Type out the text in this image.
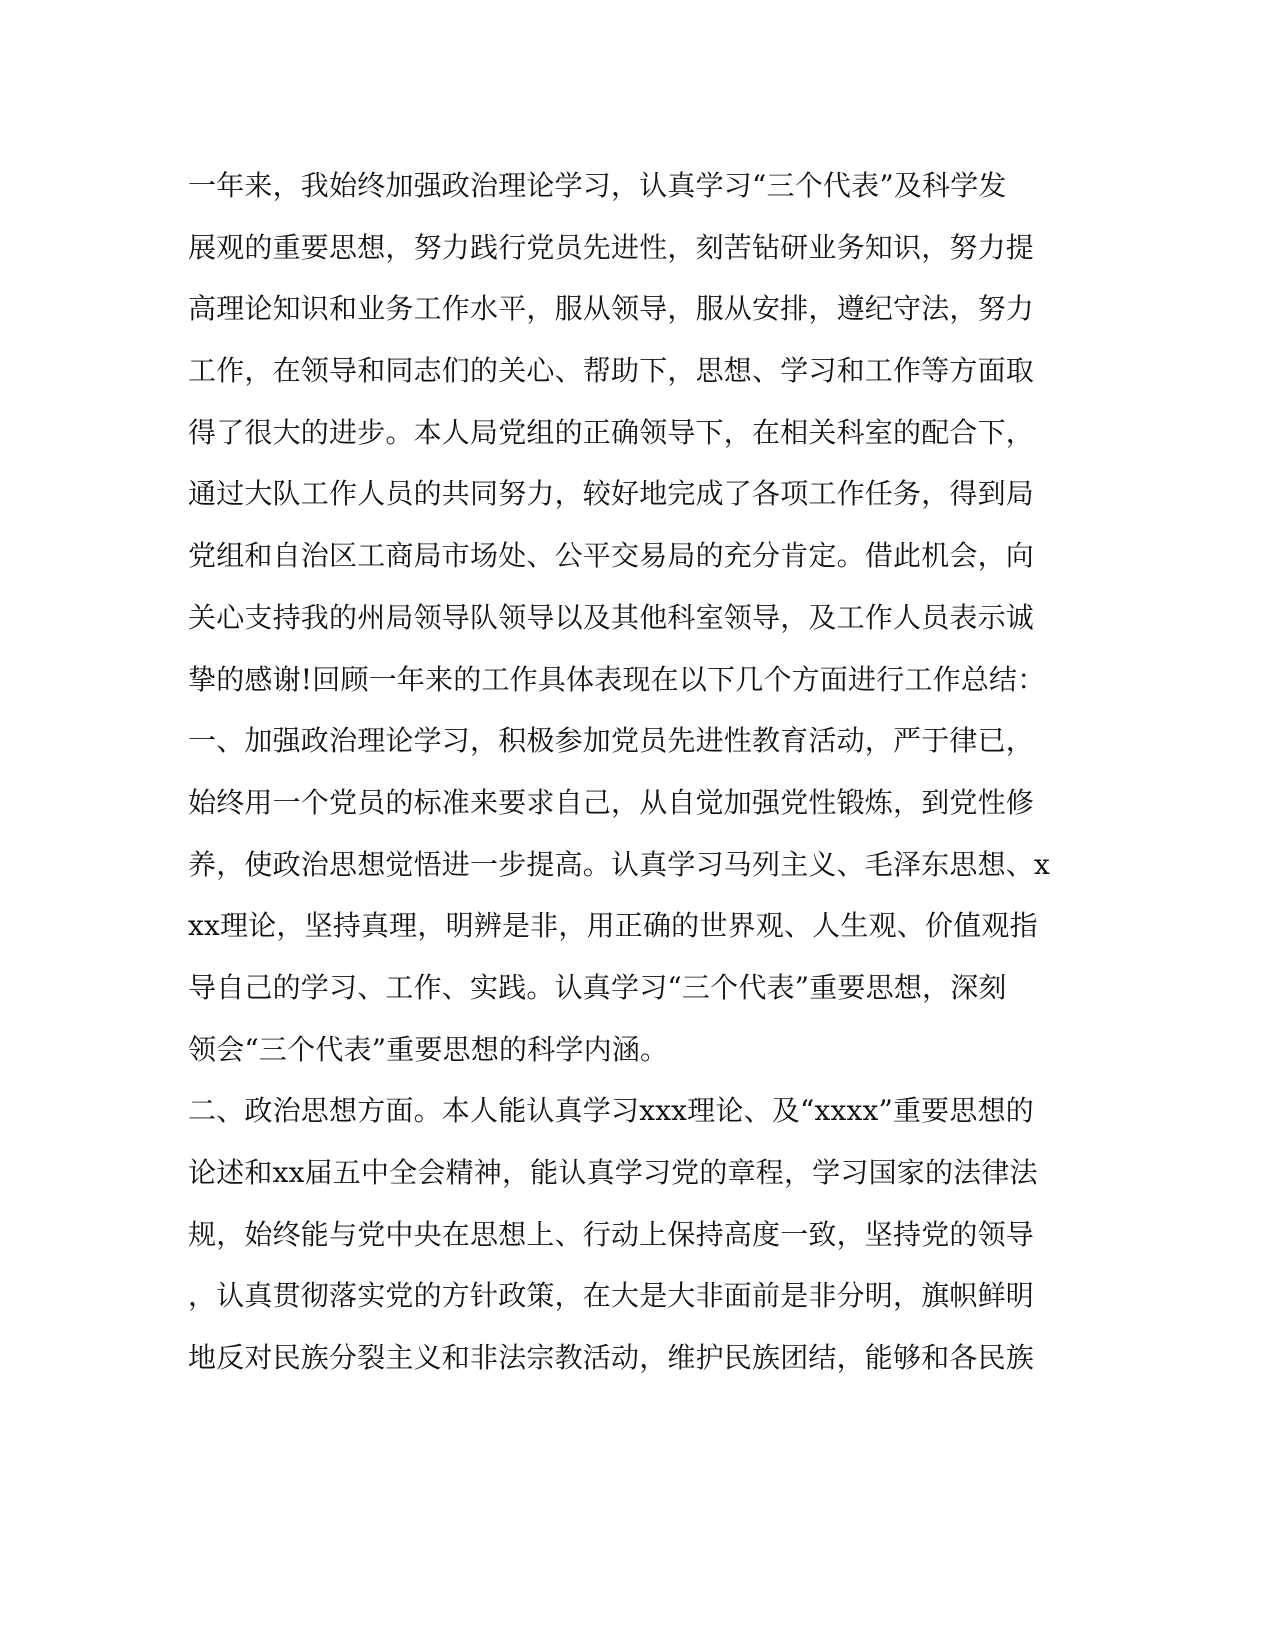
一年来，我始终加强政治理论学习，认真学习“三个代表”及科学发
展观的重要思想，努力践行党员先进性，刻苦钻研业务知识，努力提
高理论知识和业务工作水平，服从领导，服从安排，遵纪守法，努力
工作，在领导和同志们的关心、帮助下，思想、学习和工作等方面取
得了很大的进步。本人局党组的正确领导下，在相关科室的配合下，
通过大队工作人员的共同努力，较好地完成了各项工作任务，得到局
党组和自治区工商局市场处、公平交易局的充分肯定。借此机会，向
关心支持我的州局领导队领导以及其他科室领导，及工作人员表示诚
挚的感谢!回顾一年来的工作具体表现在以下几个方面进行工作总结：
一、加强政治理论学习，积极参加党员先进性教育活动，严于律已，
始终用一个党员的标准来要求自己，从自觉加强党性锻炼，到党性修
养，使政治思想觉悟进一步提高。认真学习马列主义、毛泽东思想、x
xx理论，坚持真理，明辨是非，用正确的世界观、人生观、价值观指
导自己的学习、工作、实践。认真学习“三个代表”重要思想，深刻
领会“三个代表”重要思想的科学内涵。
二、政治思想方面。本人能认真学习xxx理论、及“xxxx”重要思想的
论述和xx届五中全会精神，能认真学习党的章程，学习国家的法律法
规，始终能与党中央在思想上、行动上保持高度一致，坚持党的领导
，认真贯彻落实党的方针政策，在大是大非面前是非分明，旗帜鲜明
地反对民族分裂主义和非法宗教活动，维护民族团结，能够和各民族
